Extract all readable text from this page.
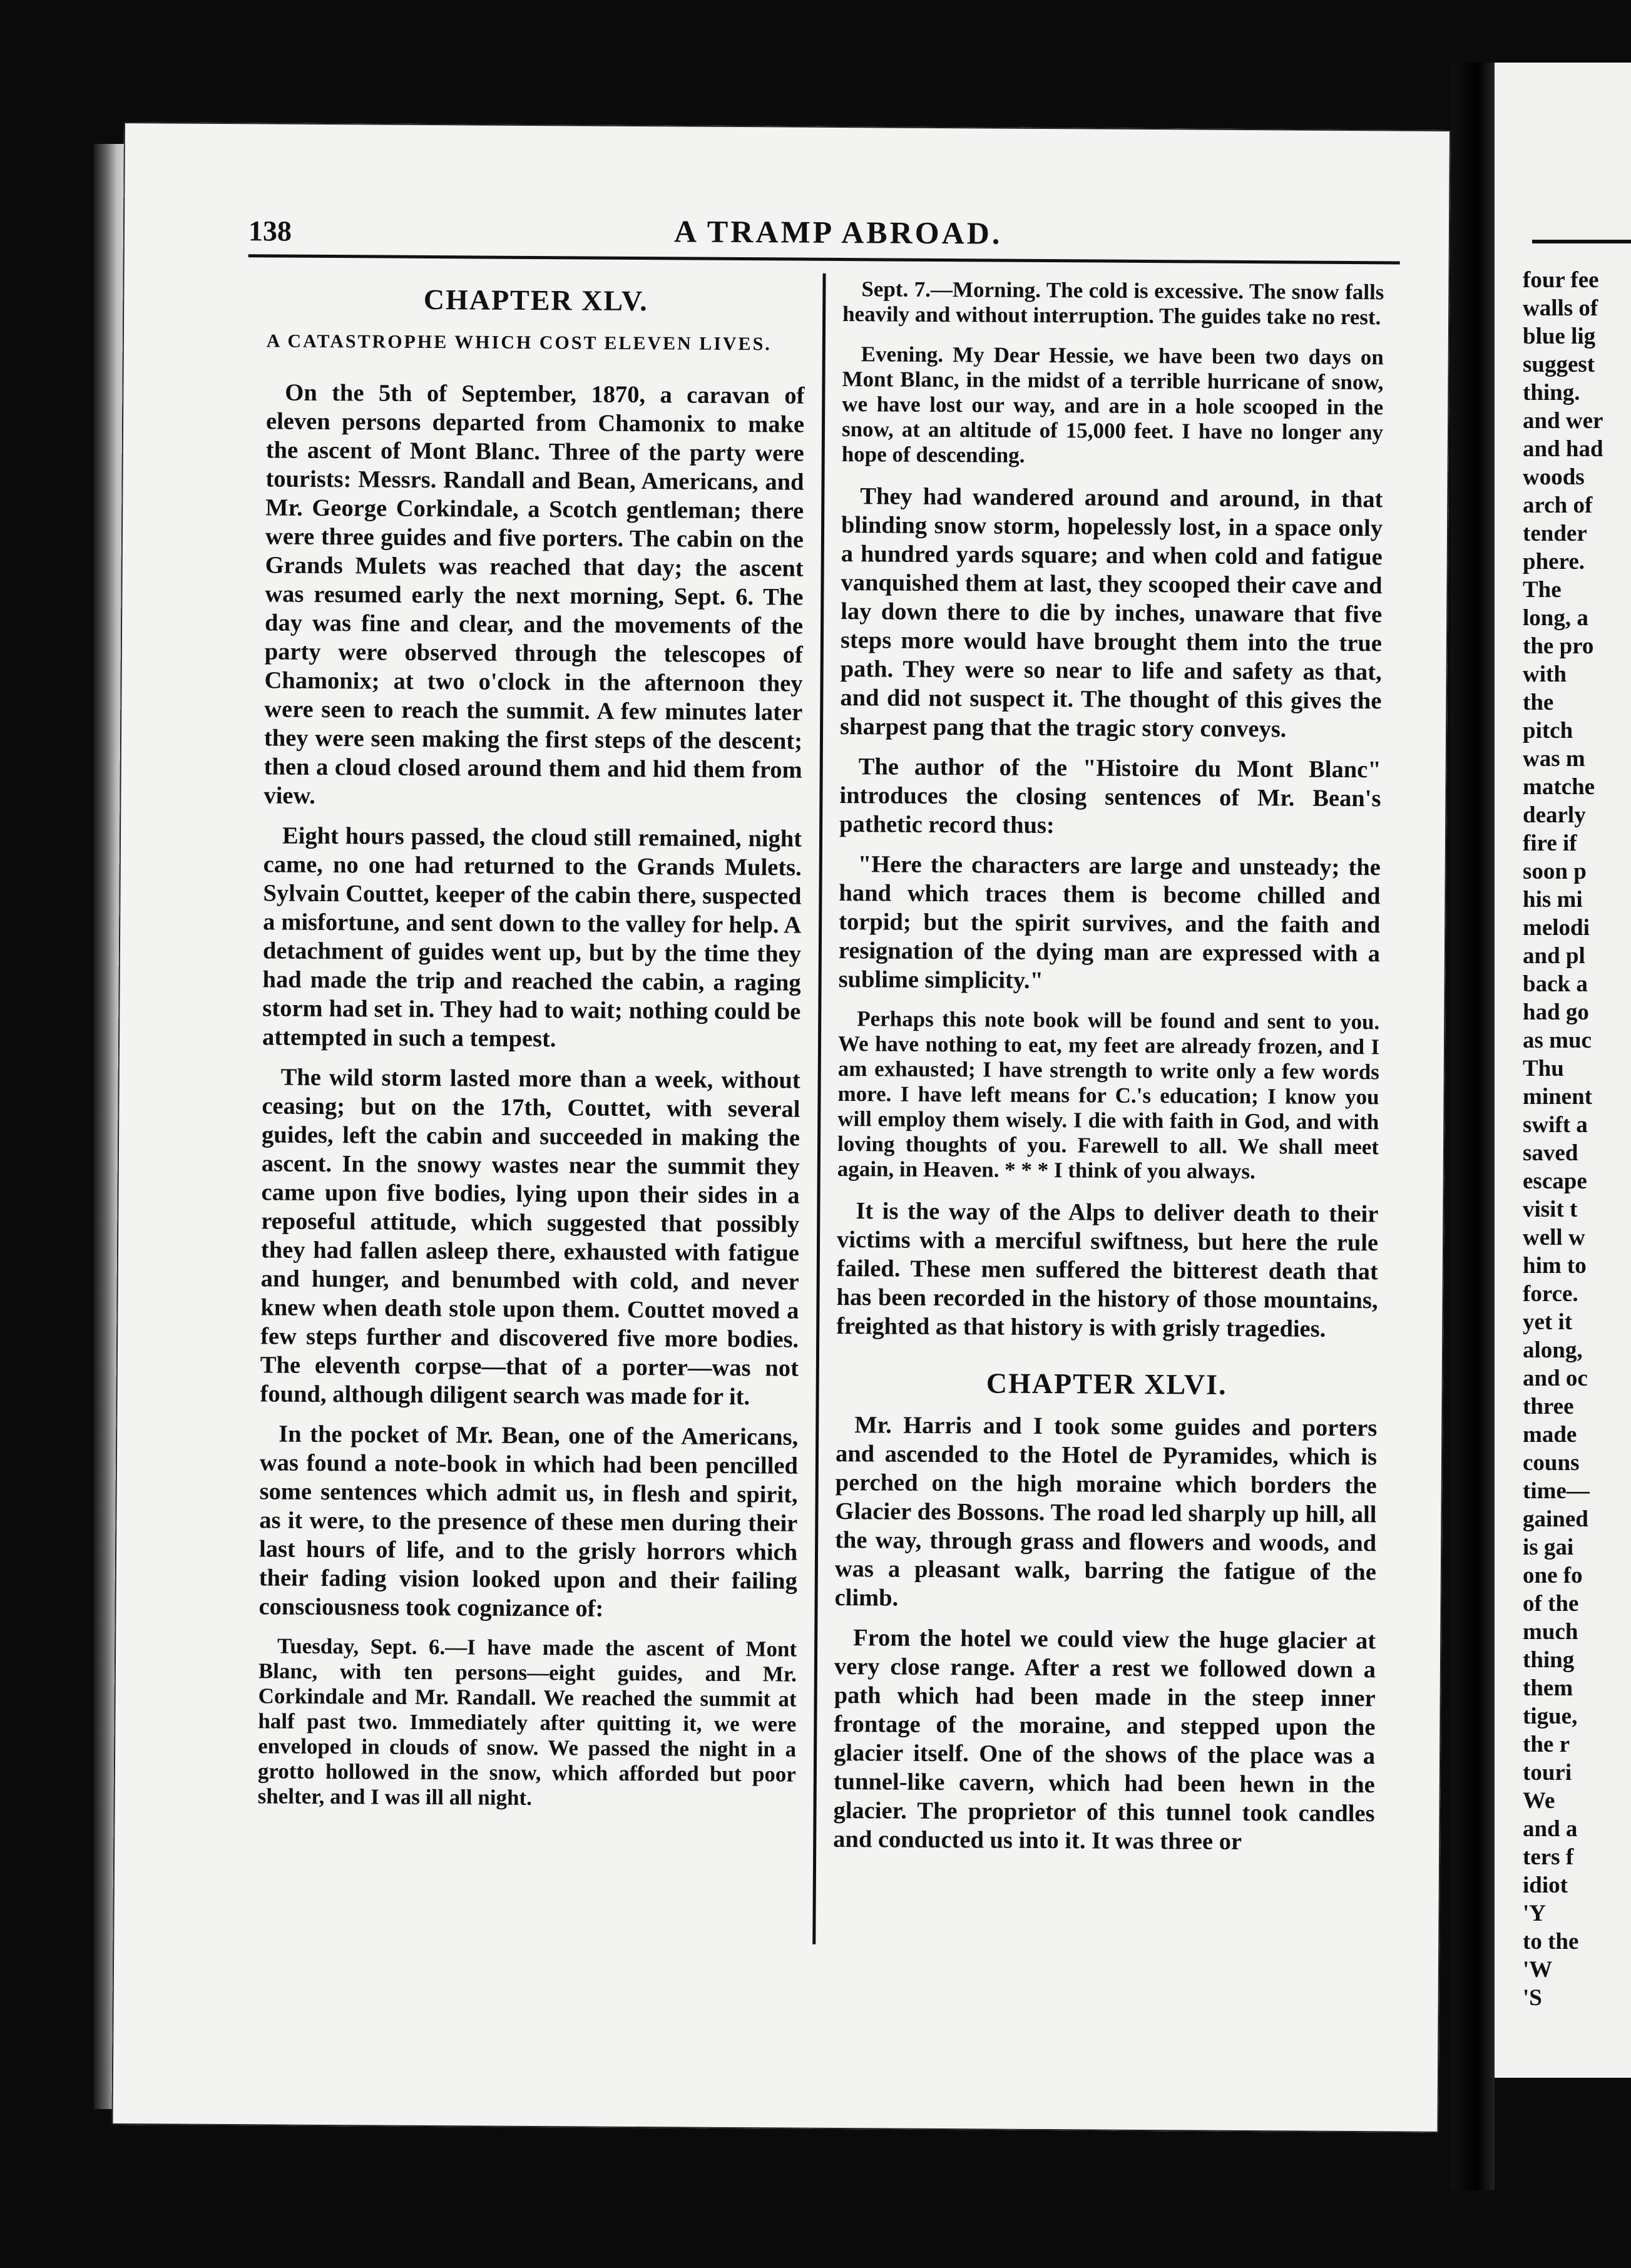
four fee
walls of
blue lig
suggest
thing.
and wer
and had
woods
arch of
tender
phere.
The
long, a
the pro
with
the
pitch
was m
matche
dearly
fire if
soon p
his mi
melodi
and pl
back a
had go
as muc
Thu
minent
swift a
saved
escape
visit t
well w
him to
force.
yet it
along,
and oc
three
made
couns
time—
gained
is gai
one fo
of the
much
thing
them
tigue,
the r
touri
We
and a
ters f
idiot
'Y
to the
'W
'S
138	A TRAMP ABROAD.
CHAPTER XLV.
A CATASTROPHE WHICH COST ELEVEN LIVES.

On the 5th of September, 1870, a caravan of eleven persons departed from Chamonix to make the ascent of Mont Blanc. Three of the party were tourists: Messrs. Randall and Bean, Americans, and Mr. George Corkindale, a Scotch gentleman; there were three guides and five porters. The cabin on the Grands Mulets was reached that day; the ascent was resumed early the next morning, Sept. 6. The day was fine and clear, and the movements of the party were observed through the telescopes of Chamonix; at two o'clock in the afternoon they were seen to reach the summit. A few minutes later they were seen making the first steps of the descent; then a cloud closed around them and hid them from view.

Eight hours passed, the cloud still remained, night came, no one had returned to the Grands Mulets. Sylvain Couttet, keeper of the cabin there, suspected a misfortune, and sent down to the valley for help. A detachment of guides went up, but by the time they had made the trip and reached the cabin, a raging storm had set in. They had to wait; nothing could be attempted in such a tempest.

The wild storm lasted more than a week, without ceasing; but on the 17th, Couttet, with several guides, left the cabin and succeeded in making the ascent. In the snowy wastes near the summit they came upon five bodies, lying upon their sides in a reposeful attitude, which suggested that possibly they had fallen asleep there, exhausted with fatigue and hunger, and benumbed with cold, and never knew when death stole upon them. Couttet moved a few steps further and discovered five more bodies. The eleventh corpse—that of a porter—was not found, although diligent search was made for it.

In the pocket of Mr. Bean, one of the Americans, was found a note-book in which had been pencilled some sentences which admit us, in flesh and spirit, as it were, to the presence of these men during their last hours of life, and to the grisly horrors which their fading vision looked upon and their failing consciousness took cognizance of:

Tuesday, Sept. 6.—I have made the ascent of Mont Blanc, with ten persons—eight guides, and Mr. Corkindale and Mr. Randall. We reached the summit at half past two. Immediately after quitting it, we were enveloped in clouds of snow. We passed the night in a grotto hollowed in the snow, which afforded but poor shelter, and I was ill all night.

Sept. 7.—Morning. The cold is excessive. The snow falls heavily and without interruption. The guides take no rest.

Evening. My Dear Hessie, we have been two days on Mont Blanc, in the midst of a terrible hurricane of snow, we have lost our way, and are in a hole scooped in the snow, at an altitude of 15,000 feet. I have no longer any hope of descending.

They had wandered around and around, in that blinding snow storm, hopelessly lost, in a space only a hundred yards square; and when cold and fatigue vanquished them at last, they scooped their cave and lay down there to die by inches, unaware that five steps more would have brought them into the true path. They were so near to life and safety as that, and did not suspect it. The thought of this gives the sharpest pang that the tragic story conveys.

The author of the "Histoire du Mont Blanc" introduces the closing sentences of Mr. Bean's pathetic record thus:

"Here the characters are large and unsteady; the hand which traces them is become chilled and torpid; but the spirit survives, and the faith and resignation of the dying man are expressed with a sublime simplicity."

Perhaps this note book will be found and sent to you. We have nothing to eat, my feet are already frozen, and I am exhausted; I have strength to write only a few words more. I have left means for C.'s education; I know you will employ them wisely. I die with faith in God, and with loving thoughts of you. Farewell to all. We shall meet again, in Heaven. * * * I think of you always.

It is the way of the Alps to deliver death to their victims with a merciful swiftness, but here the rule failed. These men suffered the bitterest death that has been recorded in the history of those mountains, freighted as that history is with grisly tragedies.

CHAPTER XLVI.

Mr. Harris and I took some guides and porters and ascended to the Hotel de Pyramides, which is perched on the high moraine which borders the Glacier des Bossons. The road led sharply up hill, all the way, through grass and flowers and woods, and was a pleasant walk, barring the fatigue of the climb.

From the hotel we could view the huge glacier at very close range. After a rest we followed down a path which had been made in the steep inner frontage of the moraine, and stepped upon the glacier itself. One of the shows of the place was a tunnel-like cavern, which had been hewn in the glacier. The proprietor of this tunnel took candles and conducted us into it. It was three or
